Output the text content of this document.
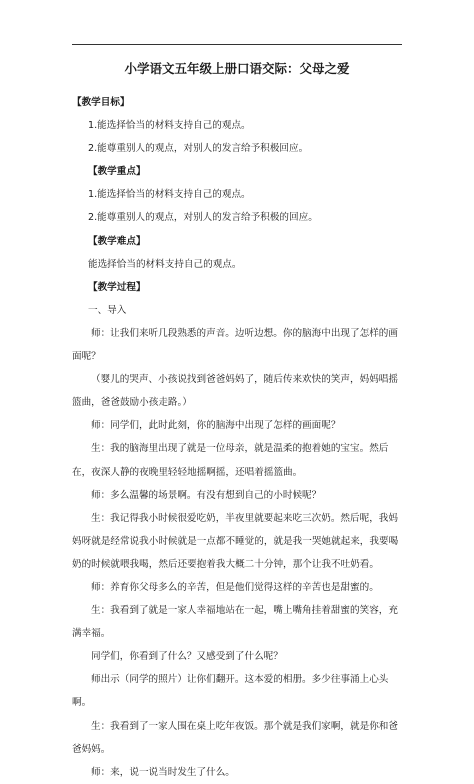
小学语文五年级上册口语交际：父母之爱

【教学目标】

1.能选择恰当的材料支持自己的观点。

2.能尊重别人的观点，对别人的发言给予积极回应。

【教学重点】

1.能选择恰当的材料支持自己的观点。

2.能尊重别人的观点，对别人的发言给予积极的回应。

【教学难点】

能选择恰当的材料支持自己的观点。

【教学过程】

一、导入

师：让我们来听几段熟悉的声音。边听边想。你的脑海中出现了怎样的画面呢？

（婴儿的哭声、小孩说找到爸爸妈妈了，随后传来欢快的笑声，妈妈唱摇篮曲，爸爸鼓励小孩走路。）

师：同学们，此时此刻，你的脑海中出现了怎样的画面呢？

生：我的脑海里出现了就是一位母亲，就是温柔的抱着她的宝宝。然后在，夜深人静的夜晚里轻轻地摇啊摇，还唱着摇篮曲。

师：多么温馨的场景啊。有没有想到自己的小时候呢？

生：我记得我小时候很爱吃奶，半夜里就要起来吃三次奶。然后呢，我妈妈呀就是经常说我小时候就是一点都不睡觉的，就是我一哭她就起来，我要喝奶的时候就喂我喝，然后还要抱着我大概二十分钟，那个让我不吐奶看。

师：养育你父母多么的辛苦，但是他们觉得这样的辛苦也是甜蜜的。

生：我看到了就是一家人幸福地站在一起，嘴上嘴角挂着甜蜜的笑容，充满幸福。

同学们，你看到了什么？又感受到了什么呢？

师出示（同学的照片）让你们翻开。这本爱的相册。多少往事涌上心头啊。

生：我看到了一家人围在桌上吃年夜饭。那个就是我们家啊，就是你和爸爸妈妈。

师：来，说一说当时发生了什么。
